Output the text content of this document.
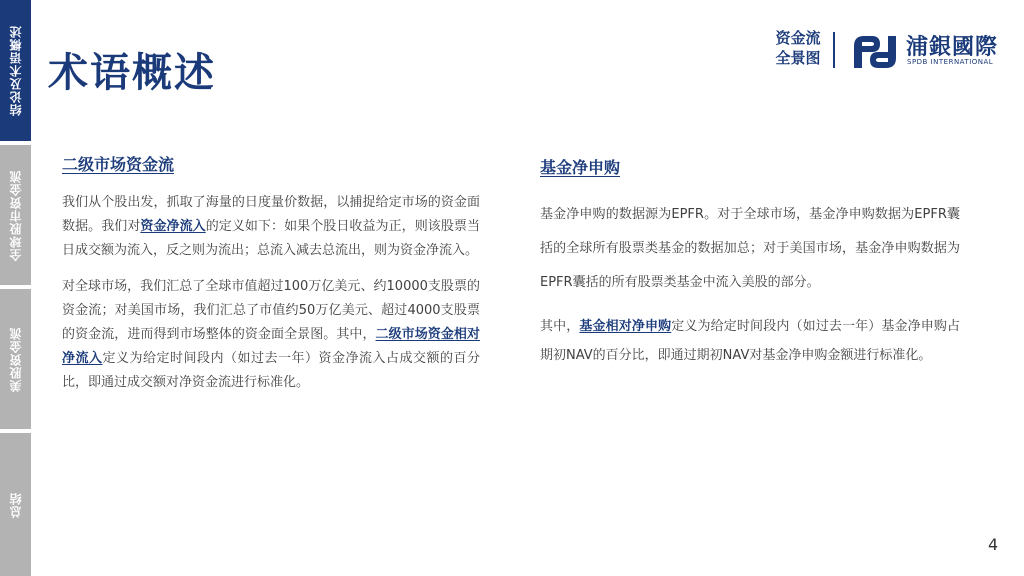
结论及术语概述
全球股市资金流
美股资金流
总结
术语概述
资金流
全景图	浦銀國際
SPDB INTERNATIONAL
二级市场资金流

我们从个股出发，抓取了海量的日度量价数据，以捕捉给定市场的资金面数据。我们对资金净流入的定义如下：如果个股日收益为正，则该股票当日成交额为流入，反之则为流出；总流入减去总流出，则为资金净流入。

对全球市场，我们汇总了全球市值超过100万亿美元、约10000支股票的资金流；对美国市场，我们汇总了市值约50万亿美元、超过4000支股票的资金流，进而得到市场整体的资金面全景图。其中，二级市场资金相对净流入定义为给定时间段内（如过去一年）资金净流入占成交额的百分比，即通过成交额对净资金流进行标准化。

基金净申购

基金净申购的数据源为EPFR。对于全球市场，基金净申购数据为EPFR囊括的全球所有股票类基金的数据加总；对于美国市场，基金净申购数据为EPFR囊括的所有股票类基金中流入美股的部分。

其中，基金相对净申购定义为给定时间段内（如过去一年）基金净申购占期初NAV的百分比，即通过期初NAV对基金净申购金额进行标准化。

4
